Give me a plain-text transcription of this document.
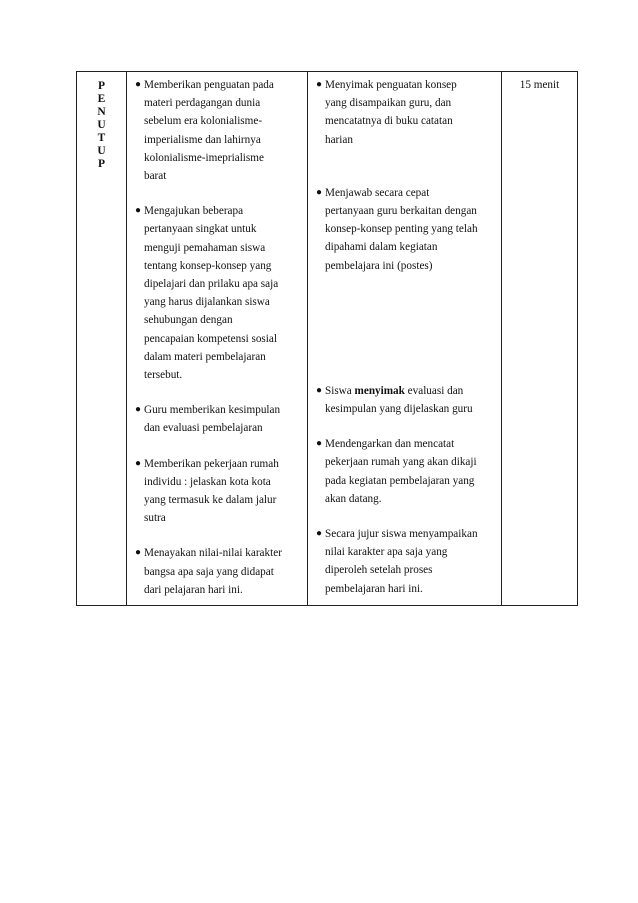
P
E
N
U
T
U
P

● Memberikan penguatan pada
materi perdagangan dunia
sebelum era kolonialisme-
imperialisme dan lahirnya
kolonialisme-imeprialisme
barat
● Mengajukan beberapa
pertanyaan singkat untuk
menguji pemahaman siswa
tentang konsep-konsep yang
dipelajari dan prilaku apa saja
yang harus dijalankan siswa
sehubungan dengan
pencapaian kompetensi sosial
dalam materi pembelajaran
tersebut.
● Guru memberikan kesimpulan
dan evaluasi pembelajaran
● Memberikan pekerjaan rumah
individu : jelaskan kota kota
yang termasuk ke dalam jalur
sutra
● Menayakan nilai-nilai karakter
bangsa apa saja yang didapat
dari pelajaran hari ini.

● Menyimak penguatan konsep
yang disampaikan guru, dan
mencatatnya di buku catatan
harian
● Menjawab secara cepat
pertanyaan guru berkaitan dengan
konsep-konsep penting yang telah
dipahami dalam kegiatan
pembelajara ini (postes)
● Siswa menyimak evaluasi dan
kesimpulan yang dijelaskan guru
● Mendengarkan dan mencatat
pekerjaan rumah yang akan dikaji
pada kegiatan pembelajaran yang
akan datang.
● Secara jujur siswa menyampaikan
nilai karakter apa saja yang
diperoleh setelah proses
pembelajaran hari ini.

15 menit
